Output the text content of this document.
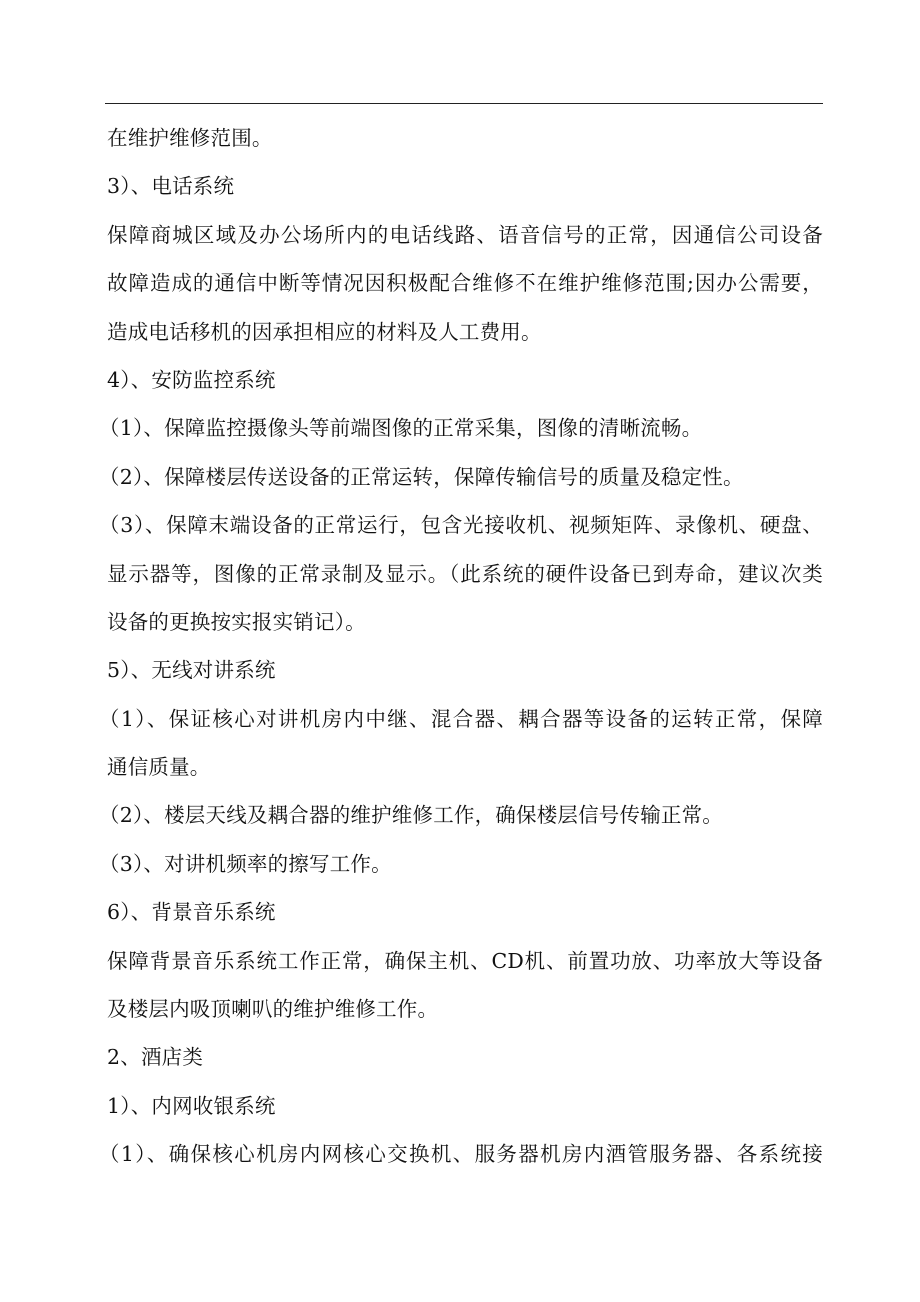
在维护维修范围。
3）、电话系统
保障商城区域及办公场所内的电话线路、语音信号的正常，因通信公司设备
故障造成的通信中断等情况因积极配合维修不在维护维修范围;因办公需要，
造成电话移机的因承担相应的材料及人工费用。
4）、安防监控系统
（1）、保障监控摄像头等前端图像的正常采集，图像的清晰流畅。
（2）、保障楼层传送设备的正常运转，保障传输信号的质量及稳定性。
（3）、保障末端设备的正常运行，包含光接收机、视频矩阵、录像机、硬盘、
显示器等，图像的正常录制及显示。（此系统的硬件设备已到寿命，建议次类
设备的更换按实报实销记）。
5）、无线对讲系统
（1）、保证核心对讲机房内中继、混合器、耦合器等设备的运转正常，保障
通信质量。
（2）、楼层天线及耦合器的维护维修工作，确保楼层信号传输正常。
（3）、对讲机频率的擦写工作。
6）、背景音乐系统
保障背景音乐系统工作正常，确保主机、CD机、前置功放、功率放大等设备
及楼层内吸顶喇叭的维护维修工作。
2、酒店类
1）、内网收银系统
（1）、确保核心机房内网核心交换机、服务器机房内酒管服务器、各系统接
